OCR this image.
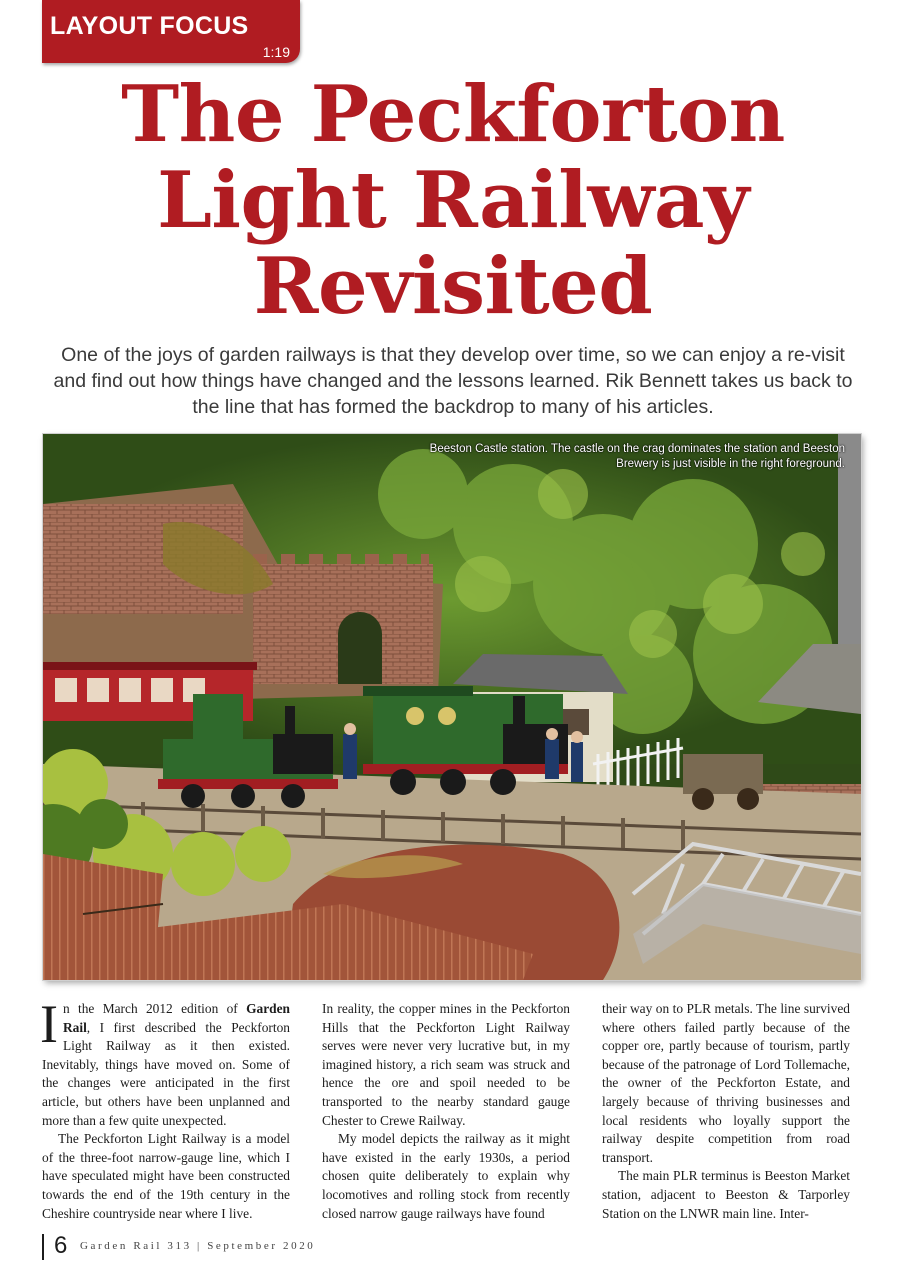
LAYOUT FOCUS
1:19
The Peckforton
Light Railway
Revisited

One of the joys of garden railways is that they develop over time, so we can enjoy a re-visit and find out how things have changed and the lessons learned. Rik Bennett takes us back to the line that has formed the backdrop to many of his articles.

Beeston Castle station. The castle on the crag dominates the station and Beeston Brewery is just visible in the right foreground.

In the March 2012 edition of Garden Rail, I first described the Peckforton Light Railway as it then existed. Inevitably, things have moved on. Some of the changes were anticipated in the first article, but others have been unplanned and more than a few quite unexpected.

The Peckforton Light Railway is a model of the three-foot narrow-gauge line, which I have speculated might have been constructed towards the end of the 19th century in the Cheshire countryside near where I live.

In reality, the copper mines in the Peckforton Hills that the Peckforton Light Railway serves were never very lucrative but, in my imagined history, a rich seam was struck and hence the ore and spoil needed to be transported to the nearby standard gauge Chester to Crewe Railway.

My model depicts the railway as it might have existed in the early 1930s, a period chosen quite deliberately to explain why locomotives and rolling stock from recently closed narrow gauge railways have found

their way on to PLR metals. The line survived where others failed partly because of the copper ore, partly because of tourism, partly because of the patronage of Lord Tollemache, the owner of the Peckforton Estate, and largely because of thriving businesses and local residents who loyally support the railway despite competition from road transport.

The main PLR terminus is Beeston Market station, adjacent to Beeston & Tarporley Station on the LNWR main line. Inter-

6 Garden Rail 313 | September 2020
